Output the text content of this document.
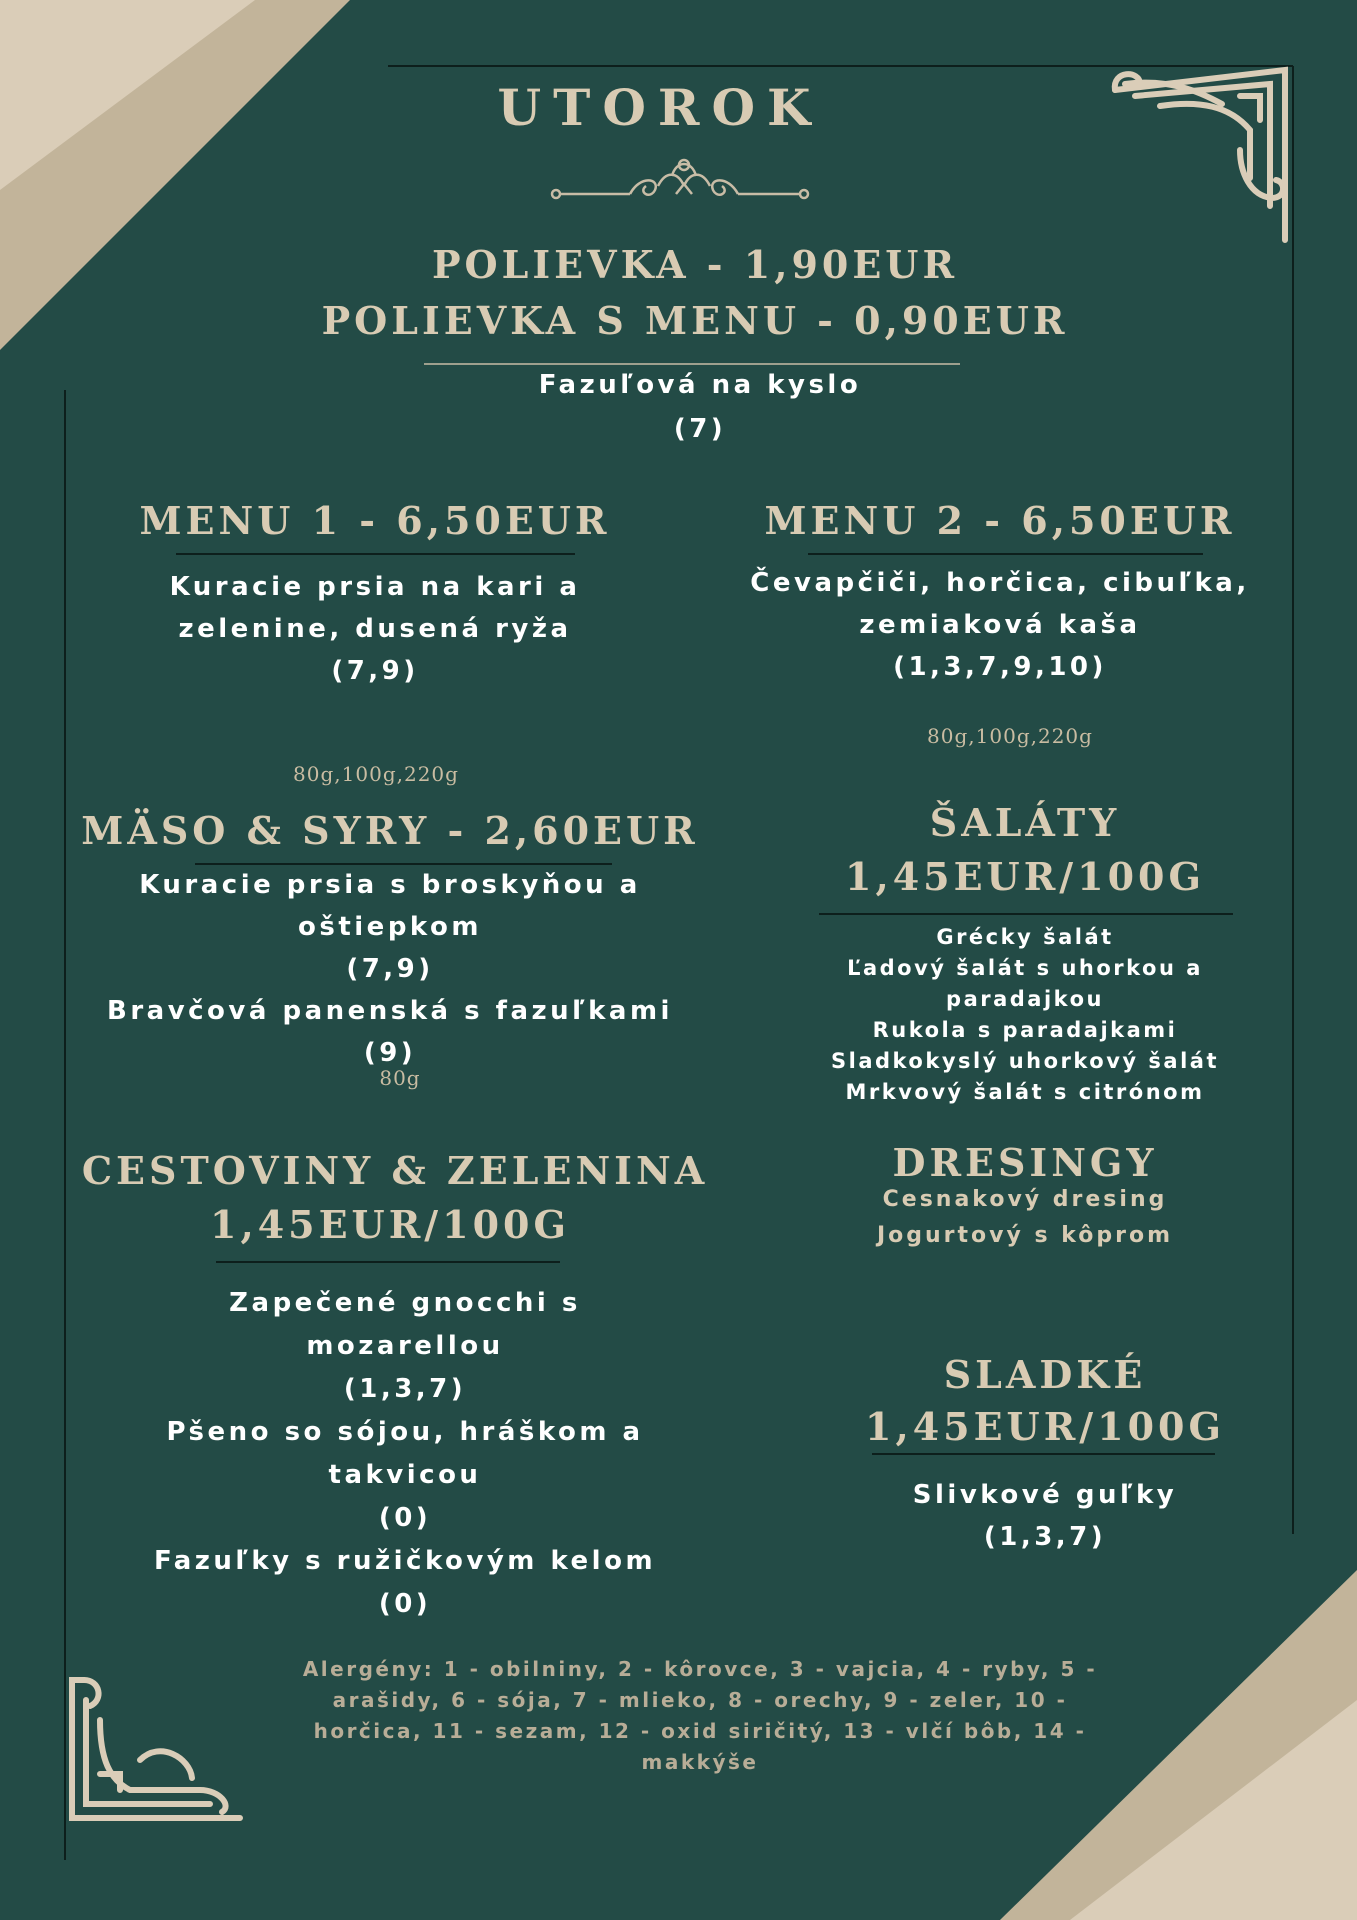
UTOROK
POLIEVKA - 1,90EUR
POLIEVKA S MENU - 0,90EUR
Fazuľová na kyslo
(7)
MENU 1 - 6,50EUR
Kuracie prsia na kari a
zelenine, dusená ryža
(7,9)
80g,100g,220g
MENU 2 - 6,50EUR
Čevapčiči, horčica, cibuľka,
zemiaková kaša
(1,3,7,9,10)
80g,100g,220g
MÄSO & SYRY - 2,60EUR
Kuracie prsia s broskyňou a
oštiepkom
(7,9)
Bravčová panenská s fazuľkami
(9)
80g
ŠALÁTY
1,45EUR/100G
Grécky šalát
Ľadový šalát s uhorkou a
paradajkou
Rukola s paradajkami
Sladkokyslý uhorkový šalát
Mrkvový šalát s citrónom
CESTOVINY & ZELENINA
1,45EUR/100G
Zapečené gnocchi s
mozarellou
(1,3,7)
Pšeno so sójou, hráškom a
takvicou
(0)
Fazuľky s ružičkovým kelom
(0)
DRESINGY
Cesnakový dresing
Jogurtový s kôprom
SLADKÉ
1,45EUR/100G
Slivkové guľky
(1,3,7)
Alergény: 1 - obilniny, 2 - kôrovce, 3 - vajcia, 4 - ryby, 5 -
arašidy, 6 - sója, 7 - mlieko, 8 - orechy, 9 - zeler, 10 -
horčica, 11 - sezam, 12 - oxid siričitý, 13 - vlčí bôb, 14 -
makkýše
